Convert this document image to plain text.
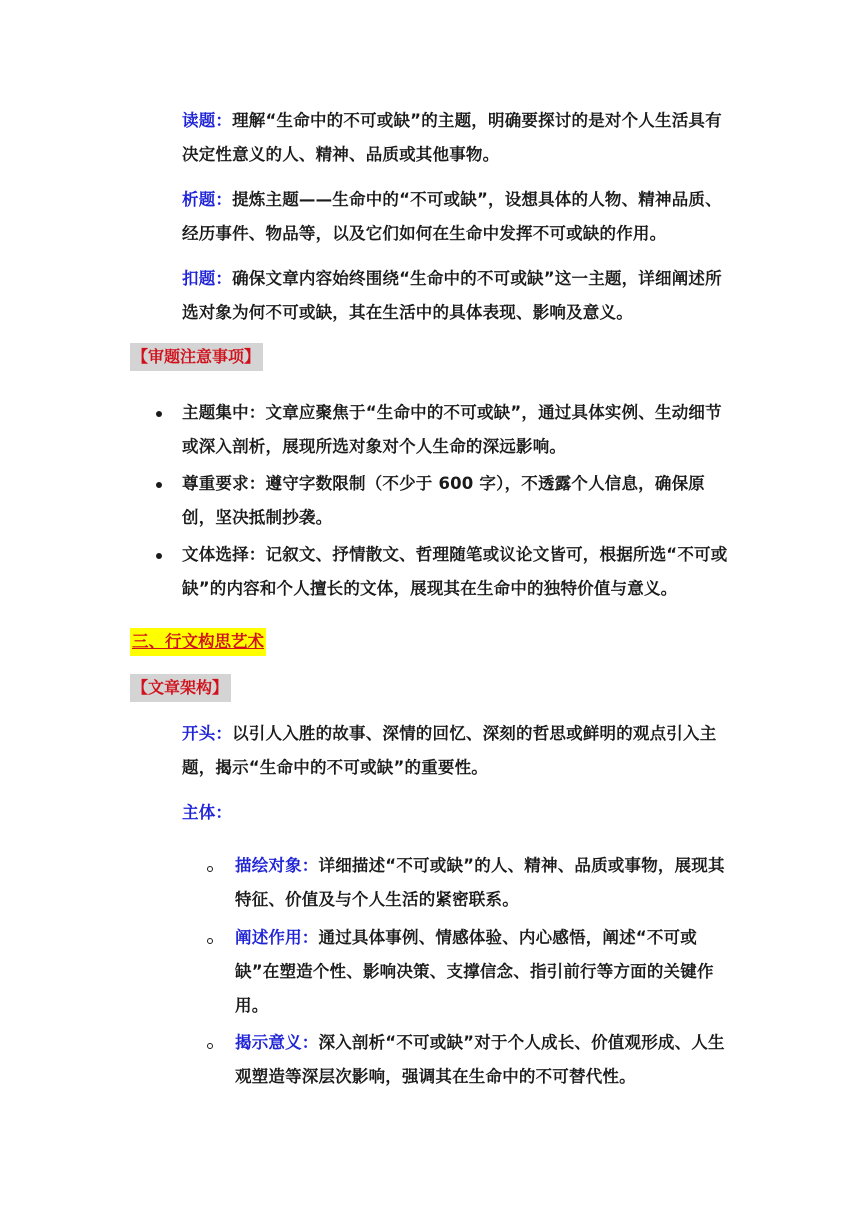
读题：理解“生命中的不可或缺”的主题，明确要探讨的是对个人生活具有决定性意义的人、精神、品质或其他事物。
析题：提炼主题——生命中的“不可或缺”，设想具体的人物、精神品质、经历事件、物品等，以及它们如何在生命中发挥不可或缺的作用。
扣题：确保文章内容始终围绕“生命中的不可或缺”这一主题，详细阐述所选对象为何不可或缺，其在生活中的具体表现、影响及意义。
【审题注意事项】
主题集中：文章应聚焦于“生命中的不可或缺”，通过具体实例、生动细节或深入剖析，展现所选对象对个人生命的深远影响。
尊重要求：遵守字数限制（不少于 600 字），不透露个人信息，确保原创，坚决抵制抄袭。
文体选择：记叙文、抒情散文、哲理随笔或议论文皆可，根据所选“不可或缺”的内容和个人擅长的文体，展现其在生命中的独特价值与意义。
三、行文构思艺术
【文章架构】
开头：以引人入胜的故事、深情的回忆、深刻的哲思或鲜明的观点引入主题，揭示“生命中的不可或缺”的重要性。
主体：
描绘对象：详细描述“不可或缺”的人、精神、品质或事物，展现其特征、价值及与个人生活的紧密联系。
阐述作用：通过具体事例、情感体验、内心感悟，阐述“不可或缺”在塑造个性、影响决策、支撑信念、指引前行等方面的关键作用。
揭示意义：深入剖析“不可或缺”对于个人成长、价值观形成、人生观塑造等深层次影响，强调其在生命中的不可替代性。
